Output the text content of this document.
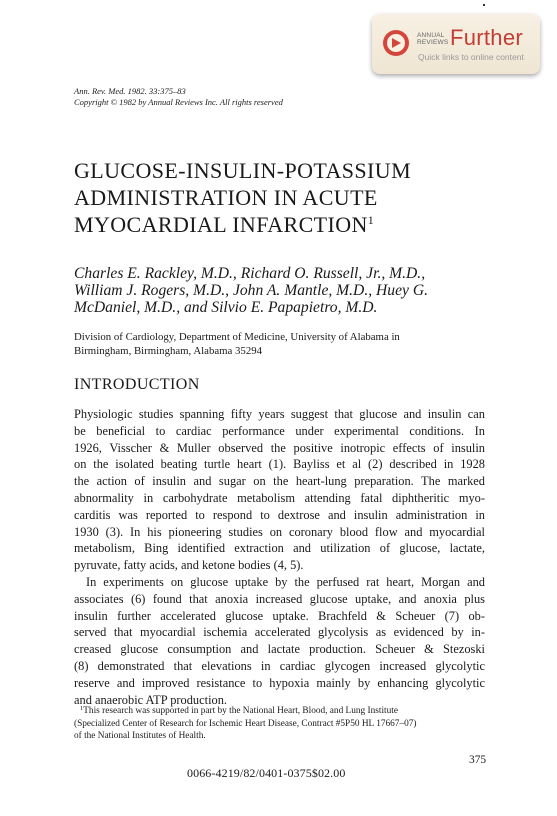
ANNUAL
REVIEWS Further
Quick links to online content
Ann. Rev. Med. 1982. 33:375–83
Copyright © 1982 by Annual Reviews Inc. All rights reserved
GLUCOSE-INSULIN-POTASSIUM
ADMINISTRATION IN ACUTE
MYOCARDIAL INFARCTION$^1$
Charles E. Rackley, M.D., Richard O. Russell, Jr., M.D.,
William J. Rogers, M.D., John A. Mantle, M.D., Huey G.
McDaniel, M.D., and Silvio E. Papapietro, M.D.
Division of Cardiology, Department of Medicine, University of Alabama in
Birmingham, Birmingham, Alabama 35294
INTRODUCTION
Physiologic studies spanning fifty years suggest that glucose and insulin can
be beneficial to cardiac performance under experimental conditions. In
1926, Visscher & Muller observed the positive inotropic effects of insulin
on the isolated beating turtle heart (1). Bayliss et al (2) described in 1928
the action of insulin and sugar on the heart-lung preparation. The marked
abnormality in carbohydrate metabolism attending fatal diphtheritic myo-
carditis was reported to respond to dextrose and insulin administration in
1930 (3). In his pioneering studies on coronary blood flow and myocardial
metabolism, Bing identified extraction and utilization of glucose, lactate,
pyruvate, fatty acids, and ketone bodies (4, 5).
In experiments on glucose uptake by the perfused rat heart, Morgan and
associates (6) found that anoxia increased glucose uptake, and anoxia plus
insulin further accelerated glucose uptake. Brachfeld & Scheuer (7) ob-
served that myocardial ischemia accelerated glycolysis as evidenced by in-
creased glucose consumption and lactate production. Scheuer & Stezoski
(8) demonstrated that elevations in cardiac glycogen increased glycolytic
reserve and improved resistance to hypoxia mainly by enhancing glycolytic
and anaerobic ATP production.
$^1$This research was supported in part by the National Heart, Blood, and Lung Institute
(Specialized Center of Research for Ischemic Heart Disease, Contract #5P50 HL 17667–07)
of the National Institutes of Health.
375
0066-4219/82/0401-0375$02.00
